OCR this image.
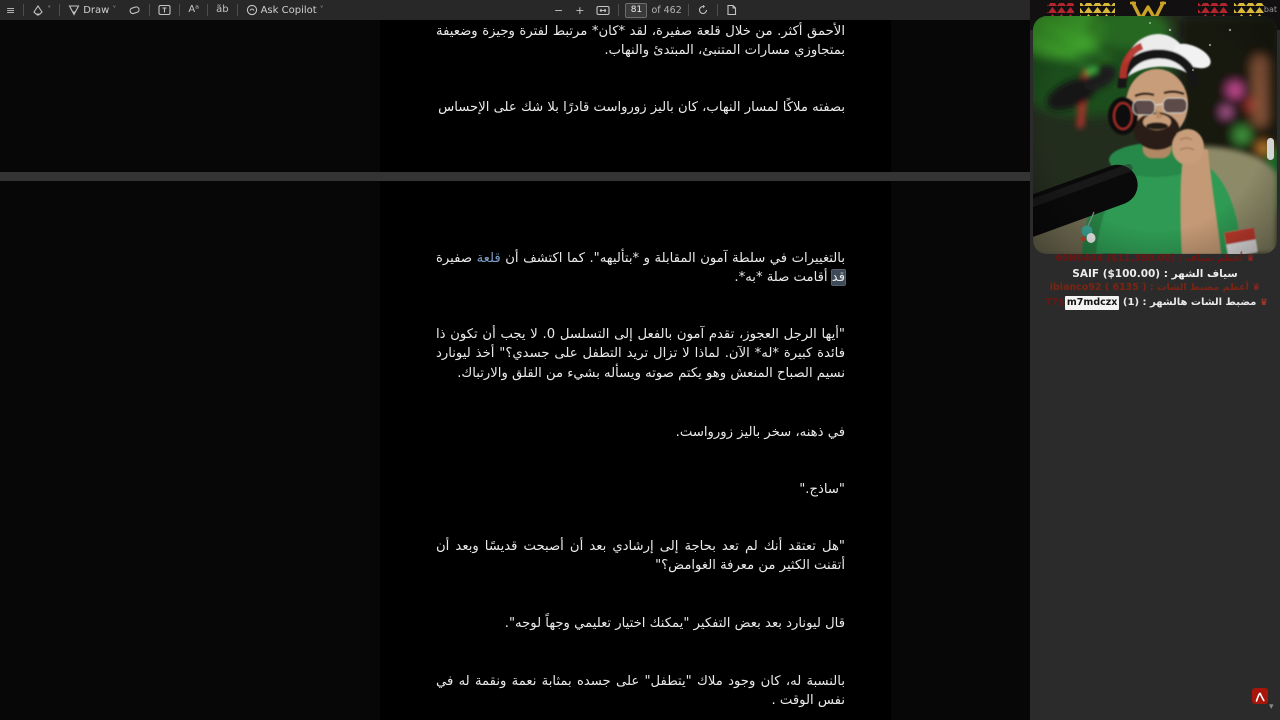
≡	˅	Draw ˅	Aᵃ ãb	Ask Copilot ˅	− +
81	of 462
الأحمق أكثر. من خلال قلعة صفيرة، لقد *كان* مرتبط لفترة وجيزة وضعيفة بمتجاوزي مسارات المتنبئ، المبتدئ والنهاب.
بصفته ملاكًا لمسار النهاب، كان باليز زورواست قادرًا بلا شك على الإحساس
بالتغييرات في سلطة آمون المقابلة و *بتأليهه". كما اكتشف أن قلعة صفيرة قد أقامت صلة *به*.
"أيها الرجل العجوز، تقدم آمون بالفعل إلى التسلسل 0. لا يجب أن تكون ذا فائدة كبيرة *له* الآن. لماذا لا تزال تريد التطفل على جسدي؟" أخذ ليونارد نسيم الصباح المنعش وهو يكتم صوته ويسأله بشيء من القلق والارتباك.
في ذهنه، سخر باليز زورواست.
"ساذج."
"هل تعتقد أنك لم تعد بحاجة إلى إرشادي بعد أن أصبحت قديسًا وبعد أن أتقنت الكثير من معرفة الغوامض؟"
قال ليونارد بعد بعض التفكير "يمكنك اختيار تعليمي وجهاً لوجه".
بالنسبة له، كان وجود ملاك "يتطفل" على جسده بمثابة نعمة ونقمة له في نفس الوقت .
bat
♛ أعظم سياف : 60N0404 ($11,380.00)
سياف الشهر : SAIF ($100.00)
♛ أعظم مضبط الشات : ibianco92 ( 6135 )
♛ مضبط الشات هالشهر : (1) m7mdczx77$
▾
